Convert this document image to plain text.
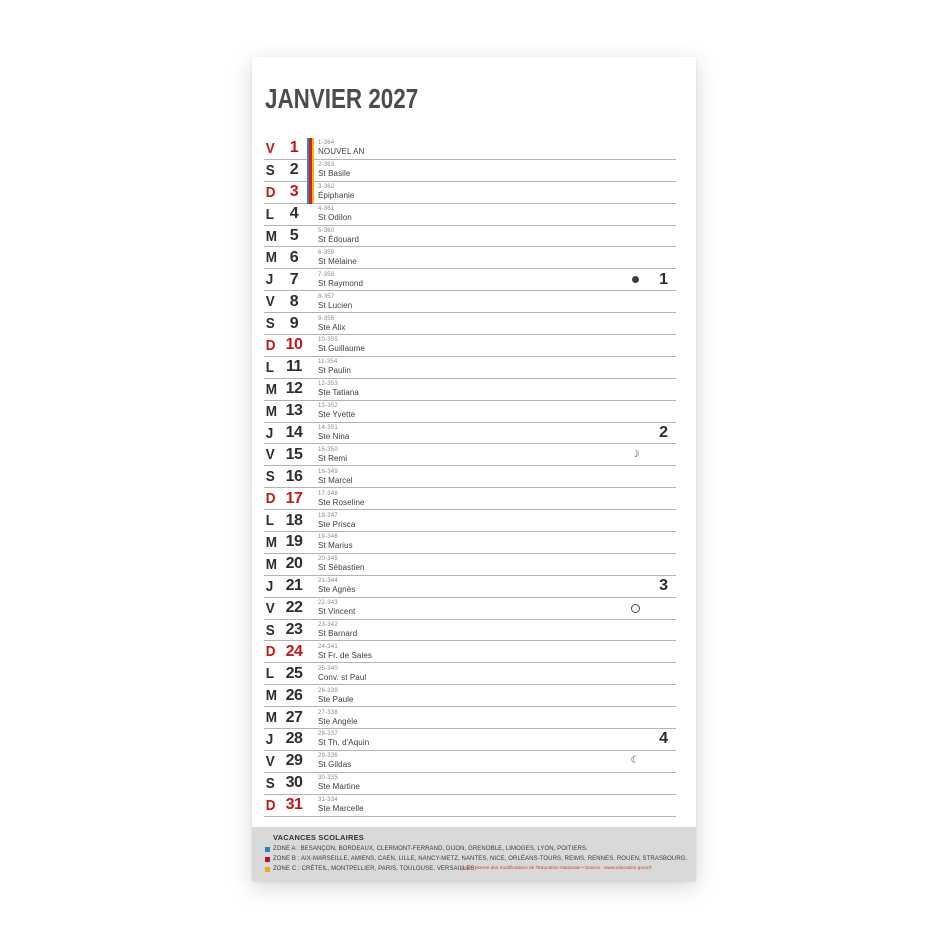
JANVIER 2027
V 1	1-364
NOUVEL AN
S 2	2-363
St Basile
D 3	3-362
Épiphanie
L 4	4-361
St Odilon
M 5	5-360
St Édouard
M 6	6-359
St Mélaine
J	7	7-358
St Raymond	1
V 8	8-357
St Lucien
S 9	9-356
Ste Alix
D 10	10-355
St Guillaume
L 11	11-354
St Paulin
M 12	12-353
Ste Tatiana
M 13	13-352
Ste Yvette
J 14	14-351
Ste Nina	2
V 15	15-350
St Remi	☽
S 16	16-349
St Marcel
D 17	17-348
Ste Roseline
L 18	18-347
Ste Prisca
M 19	19-346
St Marius
M 20	20-345
St Sébastien
J 21	21-344
Ste Agnès	3
V 22	22-343
St Vincent
S 23	23-342
St Barnard
D 24	24-341
St Fr. de Sales
L 25	25-340
Conv. st Paul
M 26	26-339
Ste Paule
M 27	27-338
Ste Angèle
J 28	28-337
St Th. d'Aquin	4
V 29	29-336
St Gildas	☾
S 30	30-335
Ste Martine
D 31	31-334
Ste Marcelle
VACANCES SCOLAIRES
ZONE A : BESANÇON, BORDEAUX, CLERMONT-FERRAND, DIJON, GRENOBLE, LIMOGES, LYON, POITIERS.
ZONE B : AIX-MARSEILLE, AMIENS, CAEN, LILLE, NANCY-METZ, NANTES, NICE, ORLÉANS-TOURS, REIMS, RENNES, ROUEN, STRASBOURG.
ZONE C : CRÉTEIL, MONTPELLIER, PARIS, TOULOUSE, VERSAILLES.
Sous réserve des modifications de l'Education Nationale • Source : www.education.gouv.fr
